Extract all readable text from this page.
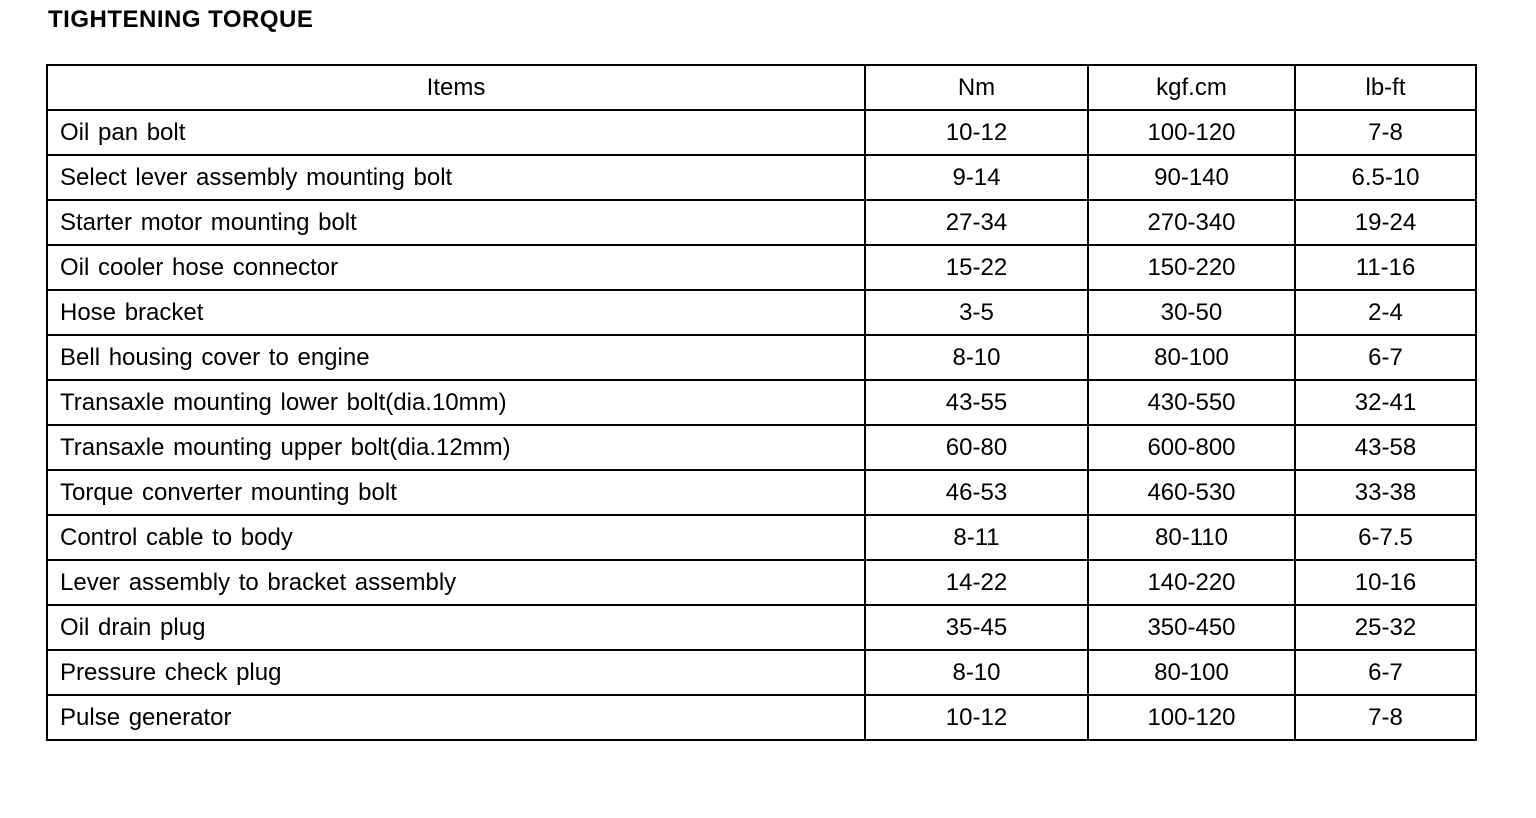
TIGHTENING TORQUE
Items	Nm	kgf.cm	lb-ft
Oil pan bolt	10-12	100-120	7-8
Select lever assembly mounting bolt	9-14	90-140	6.5-10
Starter motor mounting bolt	27-34	270-340	19-24
Oil cooler hose connector	15-22	150-220	11-16
Hose bracket	3-5	30-50	2-4
Bell housing cover to engine	8-10	80-100	6-7
Transaxle mounting lower bolt(dia.10mm)	43-55	430-550	32-41
Transaxle mounting upper bolt(dia.12mm)	60-80	600-800	43-58
Torque converter mounting bolt	46-53	460-530	33-38
Control cable to body	8-11	80-110	6-7.5
Lever assembly to bracket assembly	14-22	140-220	10-16
Oil drain plug	35-45	350-450	25-32
Pressure check plug	8-10	80-100	6-7
Pulse generator	10-12	100-120	7-8
